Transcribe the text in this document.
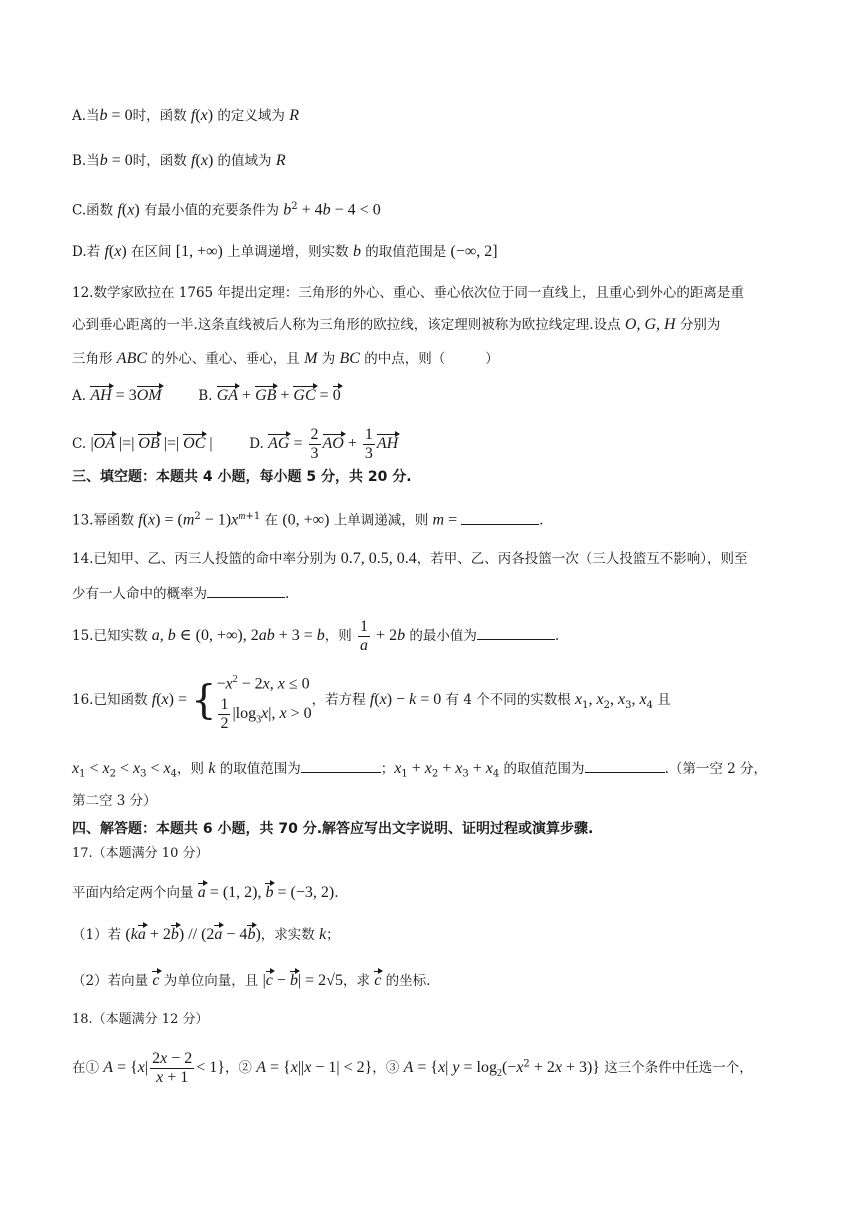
A.当b = 0时，函数 f(x) 的定义域为 R
B.当b = 0时，函数 f(x) 的值域为 R
C.函数 f(x) 有最小值的充要条件为 $b^2 + 4b - 4 < 0$
D.若 f(x) 在区间 [1, +∞) 上单调递增，则实数 b 的取值范围是 (−∞, 2]
12.数学家欧拉在 1765 年提出定理：三角形的外心、重心、垂心依次位于同一直线上，且重心到外心的距离是重
心到垂心距离的一半.这条直线被后人称为三角形的欧拉线，该定理则被称为欧拉线定理.设点 O, G, H 分别为
三角形 ABC 的外心、重心、垂心，且 M 为 BC 的中点，则（	）
A. AH = 3OM	B. GA + GB + GC = 0
C. |OA |=| OB |=| OC |	D. AG = $\frac{2}{3}$ AO + $\frac{1}{3}$ AH
三、填空题：本题共 4 小题，每小题 5 分，共 20 分.
13.幂函数 $f(x) = (m^2 - 1)x^{m+1}$ 在 (0, +∞) 上单调递减，则 m =	.
14.已知甲、乙、丙三人投篮的命中率分别为 0.7, 0.5, 0.4，若甲、乙、丙各投篮一次（三人投篮互不影响），则至
少有一人命中的概率为	.
15.已知实数 a, b ∈ (0, +∞), 2ab + 3 = b，则 $\frac{1}{a} + 2b$ 的最小值为	.
16.已知函数 f(x) = { $-x^2 - 2x$, x ≤ 0
$\frac{1}{2} |\log_3x|$, x > 0
，若方程 f(x) − k = 0 有 4 个不同的实数根 $x_1$, $x_2$, $x_3$, $x_4$ 且
$x_1 < x_2 < x_3 < x_4$，则 k 的取值范围为	；$x_1 + x_2 + x_3 + x_4$ 的取值范围为	.（第一空 2 分，
第二空 3 分）
四、解答题：本题共 6 小题，共 70 分.解答应写出文字说明、证明过程或演算步骤.
17.（本题满分 10 分）
平面内给定两个向量 a = (1, 2), b = (−3, 2).
（1）若 (ka + 2b) // (2a − 4b)，求实数 k；
（2）若向量 c 为单位向量，且 |c − b| = 2√5，求 c 的坐标.
18.（本题满分 12 分）
在① $A = \{x| \frac{2x - 2}{x + 1} < 1\}$，② A = {x||x − 1| < 2}，③ A = {x| $y = \log_2(-x^2 + 2x + 3)$} 这三个条件中任选一个，
